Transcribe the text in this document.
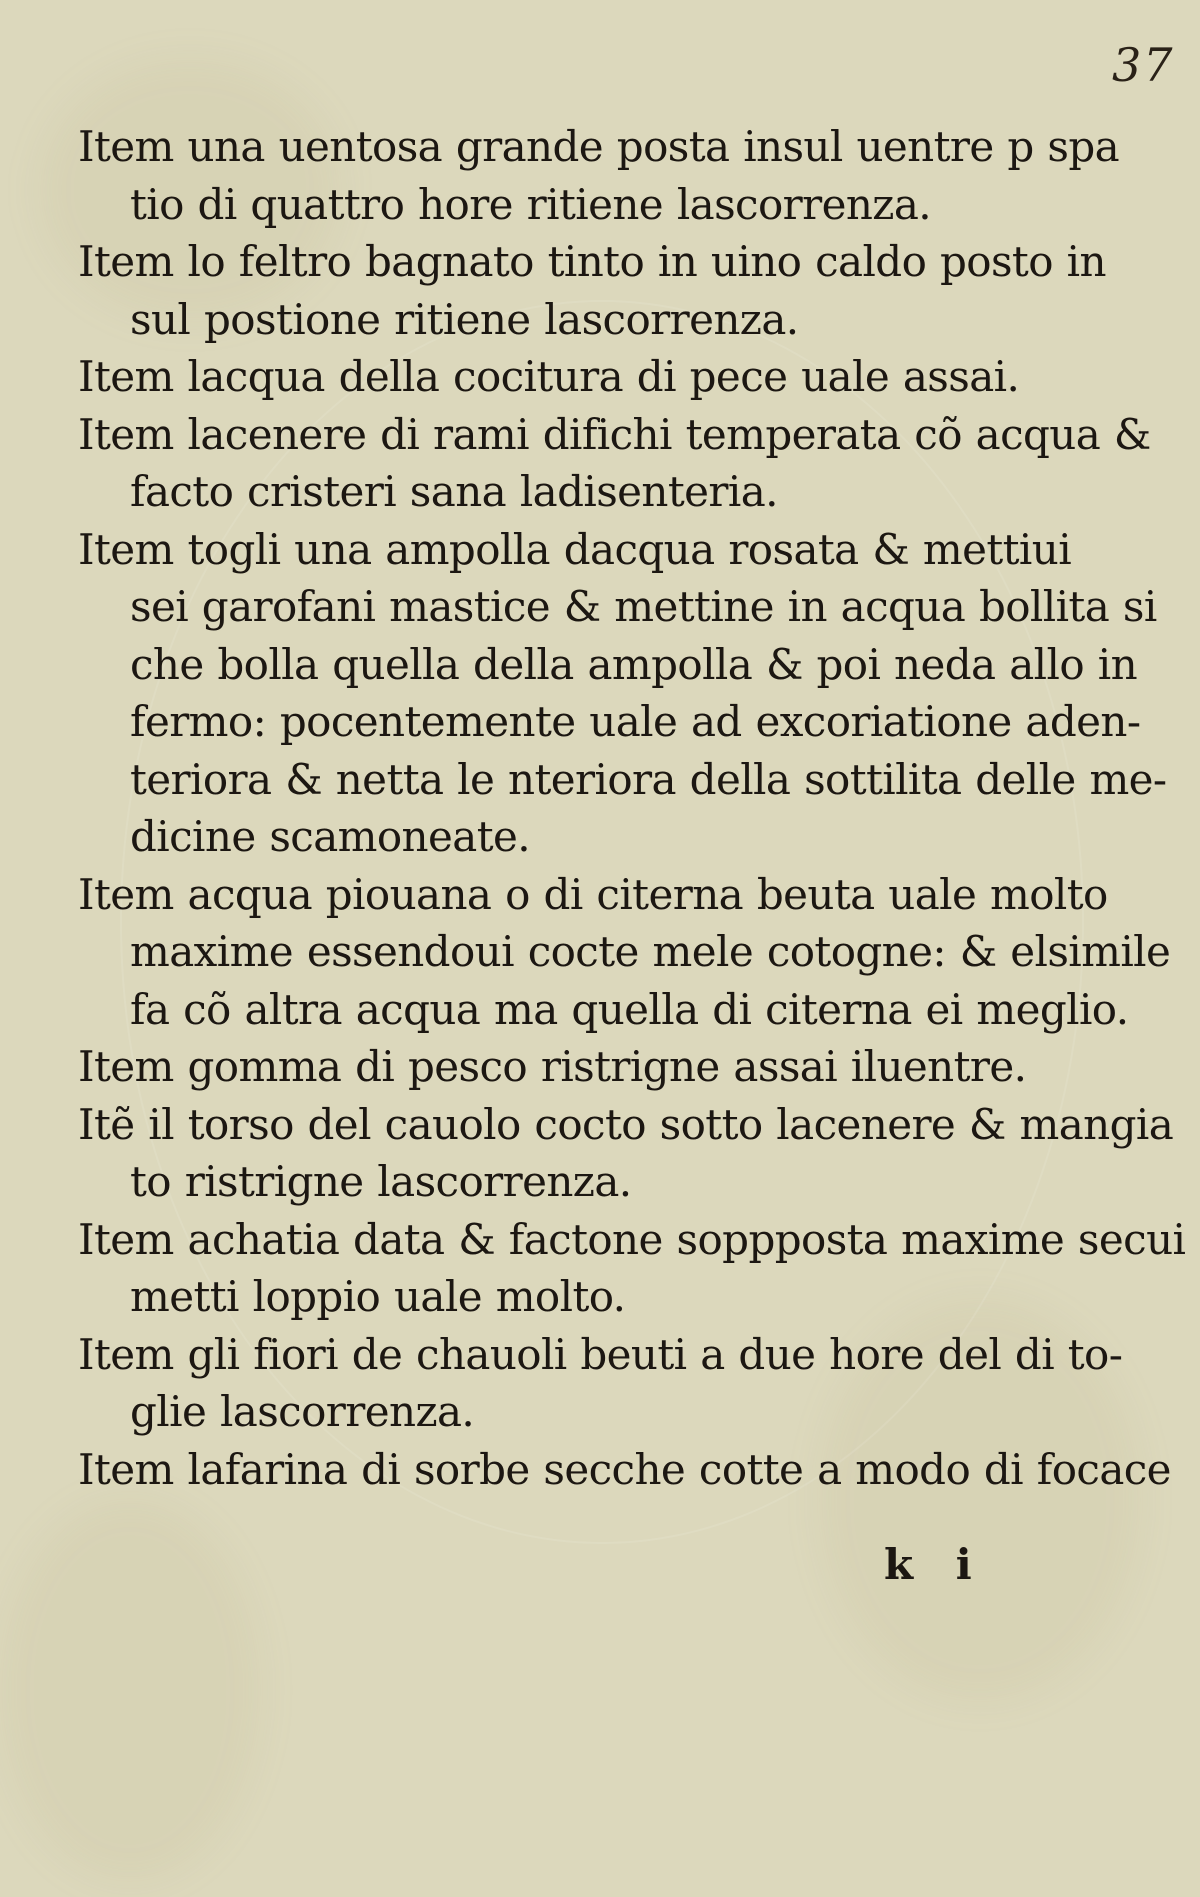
37
Item una uentosa grande posta insul uentre p spa
tio di quattro hore ritiene lascorrenza.
Item lo feltro bagnato tinto in uino caldo posto in
sul postione ritiene lascorrenza.
Item lacqua della cocitura di pece uale assai.
Item lacenere di rami difichi temperata cõ acqua &
facto cristeri sana ladisenteria.
Item togli una ampolla dacqua rosata & mettiui
sei garofani mastice & mettine in acqua bollita si
che bolla quella della ampolla & poi neda allo in
fermo: pocentemente uale ad excoriatione aden-
teriora & netta le nteriora della sottilita delle me-
dicine scamoneate.
Item acqua piouana o di citerna beuta uale molto
maxime essendoui cocte mele cotogne: & elsimile
fa cõ altra acqua ma quella di citerna ei meglio.
Item gomma di pesco ristrigne assai iluentre.
Itẽ il torso del cauolo cocto sotto lacenere & mangia
to ristrigne lascorrenza.
Item achatia data & factone soppposta maxime secui
metti loppio uale molto.
Item gli fiori de chauoli beuti a due hore del di to-
glie lascorrenza.
Item lafarina di sorbe secche cotte a modo di focace
k i
